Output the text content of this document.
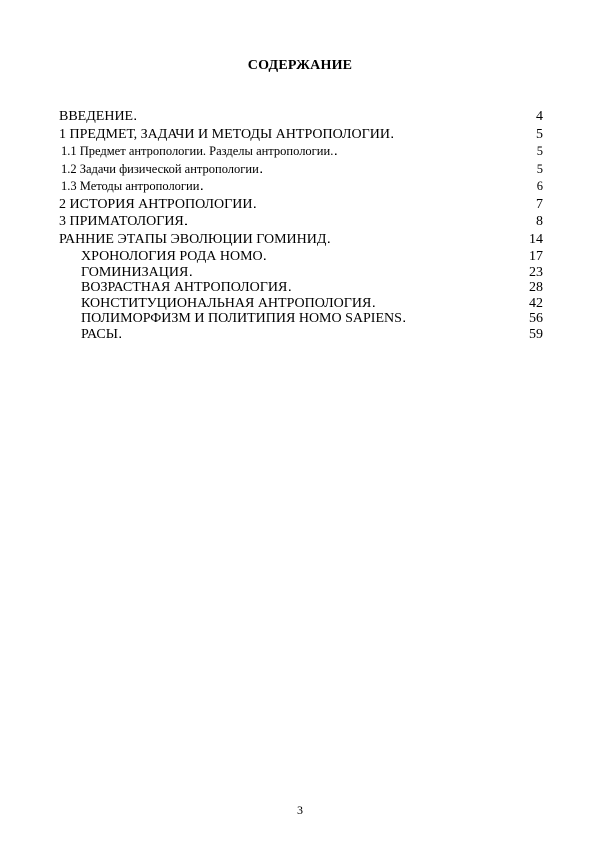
СОДЕРЖАНИЕ
ВВЕДЕНИЕ . . .	4
1 ПРЕДМЕТ, ЗАДАЧИ И МЕТОДЫ АНТРОПОЛОГИИ . . .	5
1.1 Предмет антропологии. Разделы антропологии. . . .	5
1.2 Задачи физической антропологии . . .	5
1.3 Методы антропологии . . .	6
2 ИСТОРИЯ АНТРОПОЛОГИИ . . .	7
3 ПРИМАТОЛОГИЯ . . .	8
РАННИЕ ЭТАПЫ ЭВОЛЮЦИИ ГОМИНИД . . .	14
ХРОНОЛОГИЯ РОДА HOMO . . .	17
ГОМИНИЗАЦИЯ . . .	23
ВОЗРАСТНАЯ АНТРОПОЛОГИЯ . . .	28
КОНСТИТУЦИОНАЛЬНАЯ АНТРОПОЛОГИЯ . . .	42
ПОЛИМОРФИЗМ И ПОЛИТИПИЯ HOMO SAPIENS . . .	56
РАСЫ . . .	59
3
